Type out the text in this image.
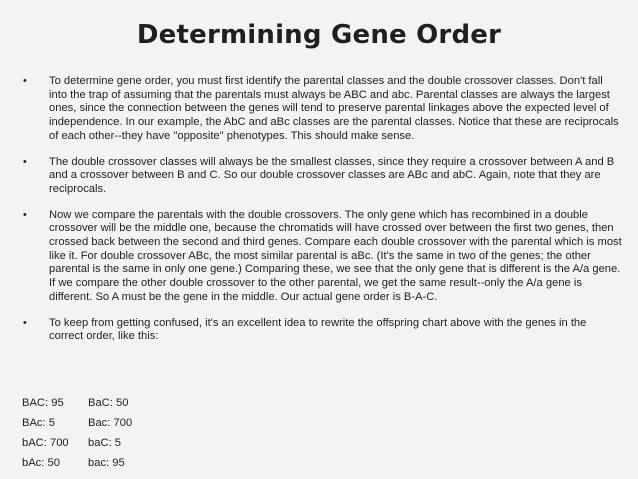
Determining Gene Order
• To determine gene order, you must first identify the parental classes and the double crossover classes. Don't fall into the trap of assuming that the parentals must always be ABC and abc. Parental classes are always the largest ones, since the connection between the genes will tend to preserve parental linkages above the expected level of independence. In our example, the AbC and aBc classes are the parental classes. Notice that these are reciprocals of each other--they have "opposite" phenotypes. This should make sense.
• The double crossover classes will always be the smallest classes, since they require a crossover between A and B and a crossover between B and C. So our double crossover classes are ABc and abC. Again, note that they are reciprocals.
• Now we compare the parentals with the double crossovers. The only gene which has recombined in a double crossover will be the middle one, because the chromatids will have crossed over between the first two genes, then crossed back between the second and third genes. Compare each double crossover with the parental which is most like it. For double crossover ABc, the most similar parental is aBc. (It's the same in two of the genes; the other parental is the same in only one gene.) Comparing these, we see that the only gene that is different is the A/a gene. If we compare the other double crossover to the other parental, we get the same result--only the A/a gene is different. So A must be the gene in the middle. Our actual gene order is B-A-C.
• To keep from getting confused, it's an excellent idea to rewrite the offspring chart above with the genes in the correct order, like this:
BAC: 95	BaC: 50
BAc: 5	Bac: 700
bAC: 700	baC: 5
bAc: 50	bac: 95
